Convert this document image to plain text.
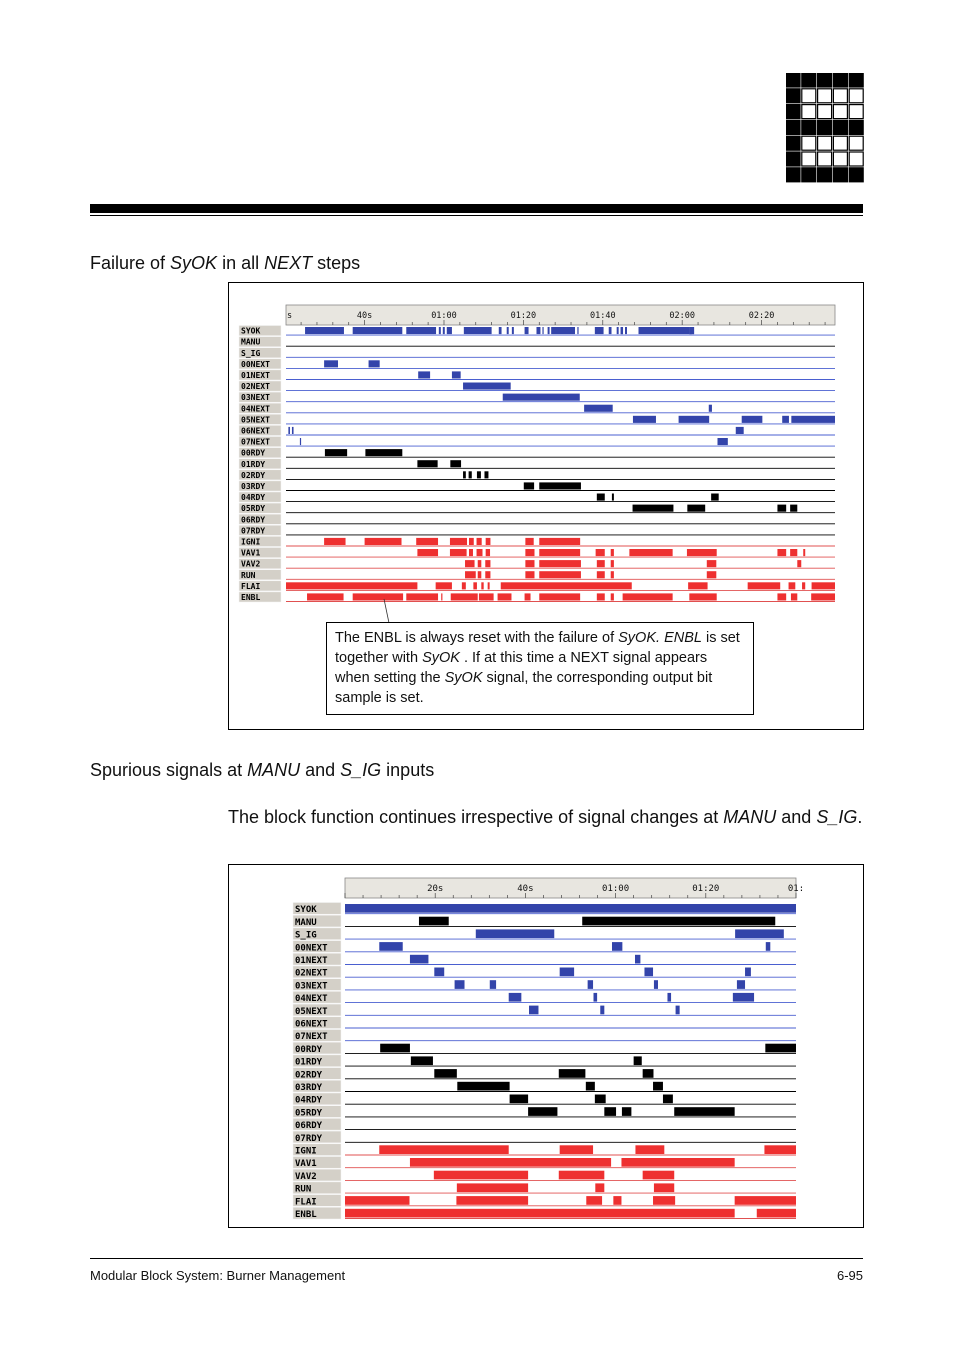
Failure of SyOK in all NEXT steps
s	40s	01:00	01:20	01:40	02:00	02:20
SYOK
MANU
S_IG
00NEXT
01NEXT
02NEXT
03NEXT
04NEXT
05NEXT
06NEXT
07NEXT
00RDY
01RDY
02RDY
03RDY
04RDY
05RDY
06RDY
07RDY
IGNI
VAV1
VAV2
RUN
FLAI
ENBL
The ENBL is always reset with the failure of SyOK. ENBL is set together with SyOK . If at this time a NEXT signal appears when setting the SyOK signal, the corresponding output bit sample is set.
Spurious signals at MANU and S_IG inputs
The block function continues irrespective of signal changes at MANU and S_IG.
20s	40s	01:00	01:20	01:
SYOK
MANU
S_IG
00NEXT
01NEXT
02NEXT
03NEXT
04NEXT
05NEXT
06NEXT
07NEXT
00RDY
01RDY
02RDY
03RDY
04RDY
05RDY
06RDY
07RDY
IGNI
VAV1
VAV2
RUN
FLAI
ENBL
Modular Block System: Burner Management	6-95
